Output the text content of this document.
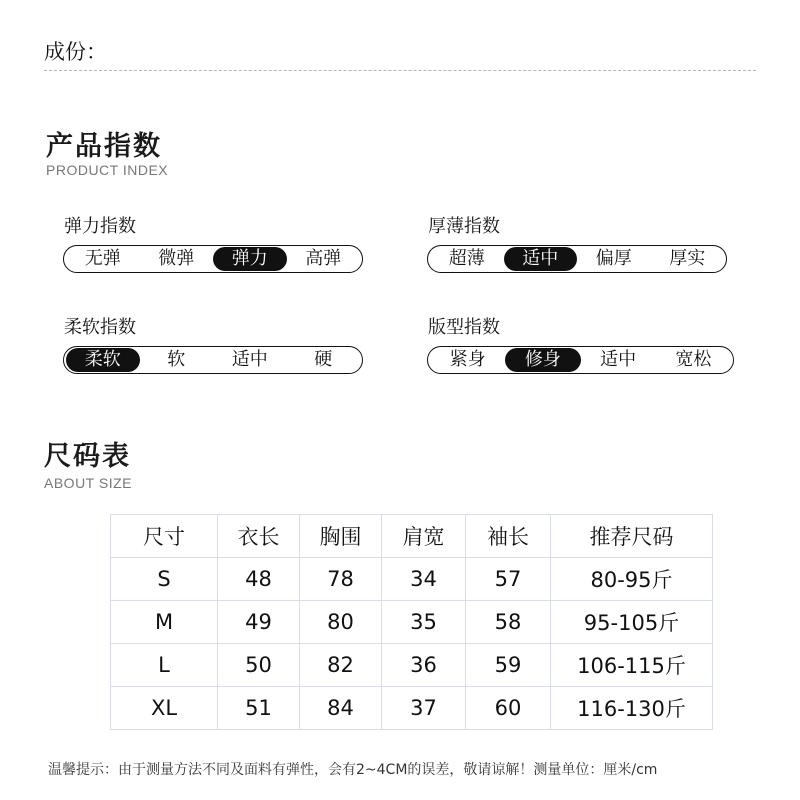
成份：
产品指数
PRODUCT INDEX
弹力指数
无弹	微弹	弹力	高弹
厚薄指数
超薄	适中	偏厚	厚实
柔软指数
柔软	软	适中	硬
版型指数
紧身	修身	适中	宽松
尺码表
ABOUT SIZE
尺寸	衣长	胸围	肩宽	袖长	推荐尺码
S	48	78	34	57	80-95斤
M	49	80	35	58	95-105斤
L	50	82	36	59	106-115斤
XL	51	84	37	60	116-130斤
温馨提示：由于测量方法不同及面料有弹性，会有2~4CM的误差，敬请谅解！测量单位：厘米/cm
